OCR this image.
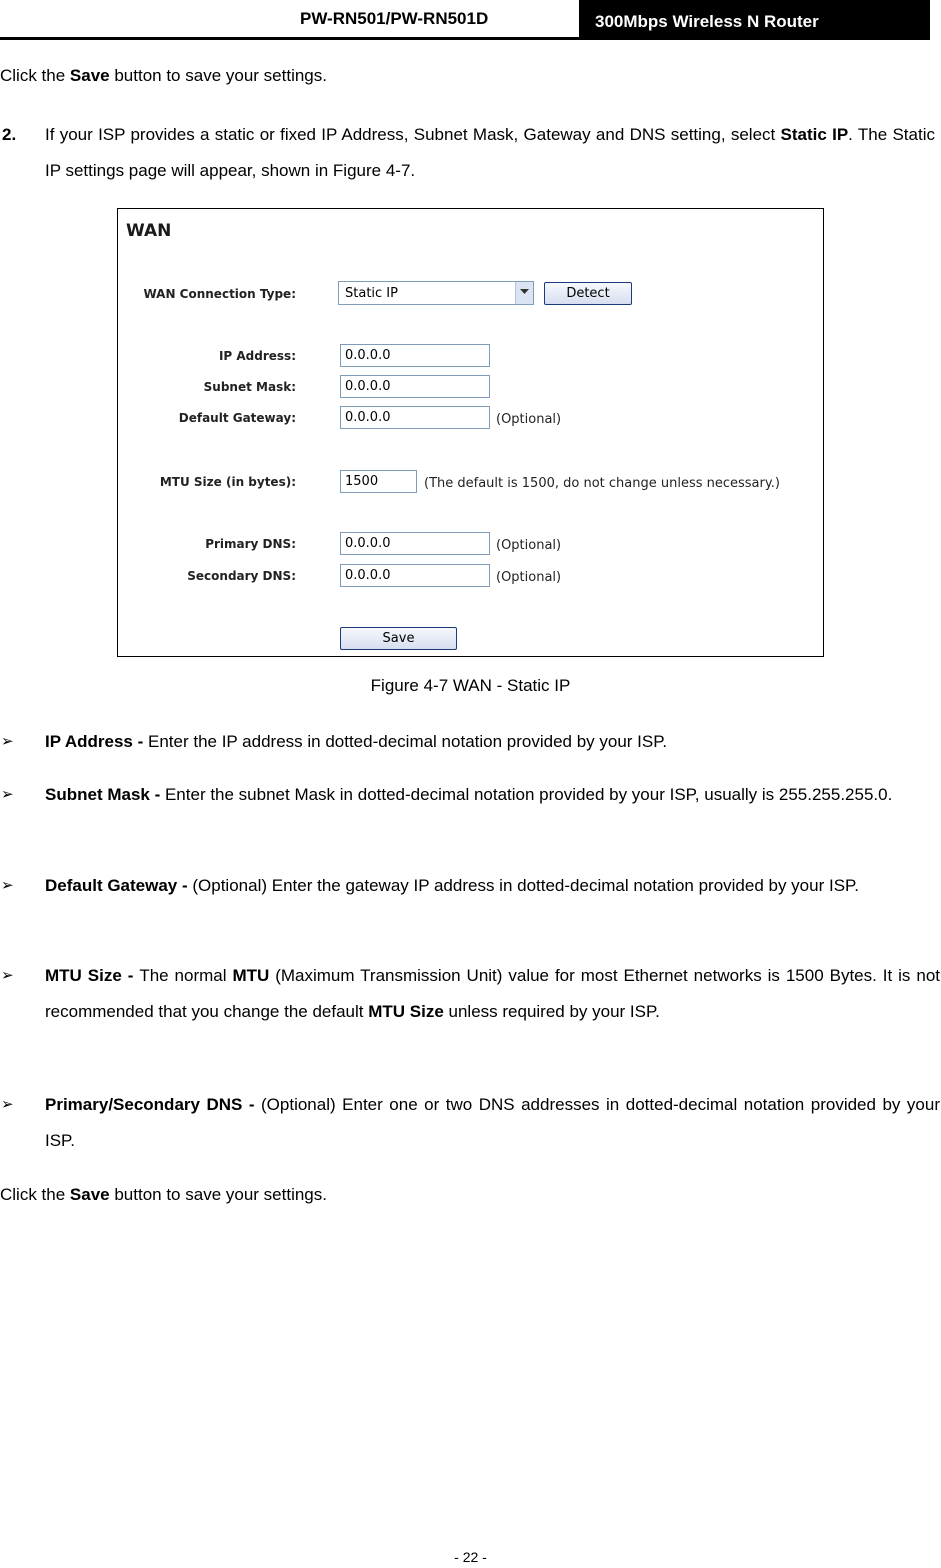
PW-RN501/PW-RN501D	300Mbps Wireless N Router
Click the Save button to save your settings.
2. If your ISP provides a static or fixed IP Address, Subnet Mask, Gateway and DNS setting, select Static IP. The Static IP settings page will appear, shown in Figure 4-7.
WAN
WAN Connection Type:	Static IP	Detect
IP Address:	0.0.0.0
Subnet Mask:	0.0.0.0
Default Gateway:	0.0.0.0	(Optional)
MTU Size (in bytes):	1500	(The default is 1500, do not change unless necessary.)
Primary DNS:	0.0.0.0	(Optional)
Secondary DNS:	0.0.0.0	(Optional)
Save
Figure 4-7 WAN - Static IP
➢ IP Address - Enter the IP address in dotted-decimal notation provided by your ISP.
➢ Subnet Mask - Enter the subnet Mask in dotted-decimal notation provided by your ISP, usually is 255.255.255.0.
➢ Default Gateway - (Optional) Enter the gateway IP address in dotted-decimal notation provided by your ISP.
➢ MTU Size - The normal MTU (Maximum Transmission Unit) value for most Ethernet networks is 1500 Bytes. It is not recommended that you change the default MTU Size unless required by your ISP.
➢ Primary/Secondary DNS - (Optional) Enter one or two DNS addresses in dotted-decimal notation provided by your ISP.
Click the Save button to save your settings.
- 22 -
